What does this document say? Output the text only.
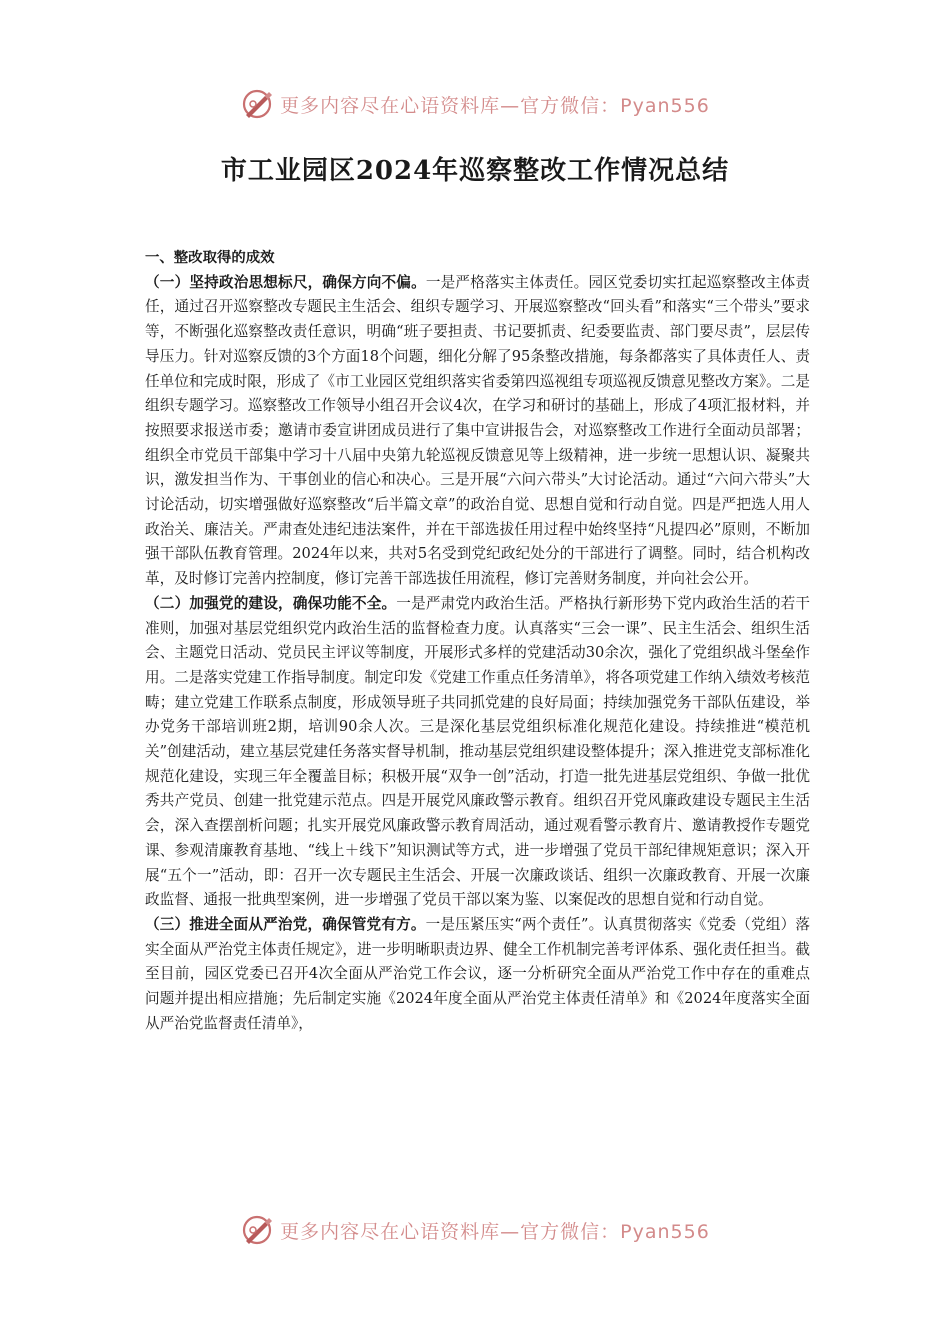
更多内容尽在心语资料库—官方微信：Pyan556
市工业园区2024年巡察整改工作情况总结

一、整改取得的成效

（一）坚持政治思想标尺，确保方向不偏。一是严格落实主体责任。园区党委切实扛起巡察整改主体责任，通过召开巡察整改专题民主生活会、组织专题学习、开展巡察整改“回头看”和落实“三个带头”要求等，不断强化巡察整改责任意识，明确“班子要担责、书记要抓责、纪委要监责、部门要尽责”，层层传导压力。针对巡察反馈的3个方面18个问题，细化分解了95条整改措施，每条都落实了具体责任人、责任单位和完成时限，形成了《市工业园区党组织落实省委第四巡视组专项巡视反馈意见整改方案》。二是组织专题学习。巡察整改工作领导小组召开会议4次，在学习和研讨的基础上，形成了4项汇报材料，并按照要求报送市委；邀请市委宣讲团成员进行了集中宣讲报告会，对巡察整改工作进行全面动员部署；组织全市党员干部集中学习十八届中央第九轮巡视反馈意见等上级精神，进一步统一思想认识、凝聚共识，激发担当作为、干事创业的信心和决心。三是开展“六问六带头”大讨论活动。通过“六问六带头”大讨论活动，切实增强做好巡察整改“后半篇文章”的政治自觉、思想自觉和行动自觉。四是严把选人用人政治关、廉洁关。严肃查处违纪违法案件，并在干部选拔任用过程中始终坚持“凡提四必”原则，不断加强干部队伍教育管理。2024年以来，共对5名受到党纪政纪处分的干部进行了调整。同时，结合机构改革，及时修订完善内控制度，修订完善干部选拔任用流程，修订完善财务制度，并向社会公开。

（二）加强党的建设，确保功能不全。一是严肃党内政治生活。严格执行新形势下党内政治生活的若干准则，加强对基层党组织党内政治生活的监督检查力度。认真落实“三会一课”、民主生活会、组织生活会、主题党日活动、党员民主评议等制度，开展形式多样的党建活动30余次，强化了党组织战斗堡垒作用。二是落实党建工作指导制度。制定印发《党建工作重点任务清单》，将各项党建工作纳入绩效考核范畴；建立党建工作联系点制度，形成领导班子共同抓党建的良好局面；持续加强党务干部队伍建设，举办党务干部培训班2期，培训90余人次。三是深化基层党组织标准化规范化建设。持续推进“模范机关”创建活动，建立基层党建任务落实督导机制，推动基层党组织建设整体提升；深入推进党支部标准化规范化建设，实现三年全覆盖目标；积极开展“双争一创”活动，打造一批先进基层党组织、争做一批优秀共产党员、创建一批党建示范点。四是开展党风廉政警示教育。组织召开党风廉政建设专题民主生活会，深入查摆剖析问题；扎实开展党风廉政警示教育周活动，通过观看警示教育片、邀请教授作专题党课、参观清廉教育基地、“线上＋线下”知识测试等方式，进一步增强了党员干部纪律规矩意识；深入开展“五个一”活动，即：召开一次专题民主生活会、开展一次廉政谈话、组织一次廉政教育、开展一次廉政监督、通报一批典型案例，进一步增强了党员干部以案为鉴、以案促改的思想自觉和行动自觉。

（三）推进全面从严治党，确保管党有方。一是压紧压实“两个责任”。认真贯彻落实《党委（党组）落实全面从严治党主体责任规定》，进一步明晰职责边界、健全工作机制完善考评体系、强化责任担当。截至目前，园区党委已召开4次全面从严治党工作会议，逐一分析研究全面从严治党工作中存在的重难点问题并提出相应措施；先后制定实施《2024年度全面从严治党主体责任清单》和《2024年度落实全面从严治党监督责任清单》，

更多内容尽在心语资料库—官方微信：Pyan556
